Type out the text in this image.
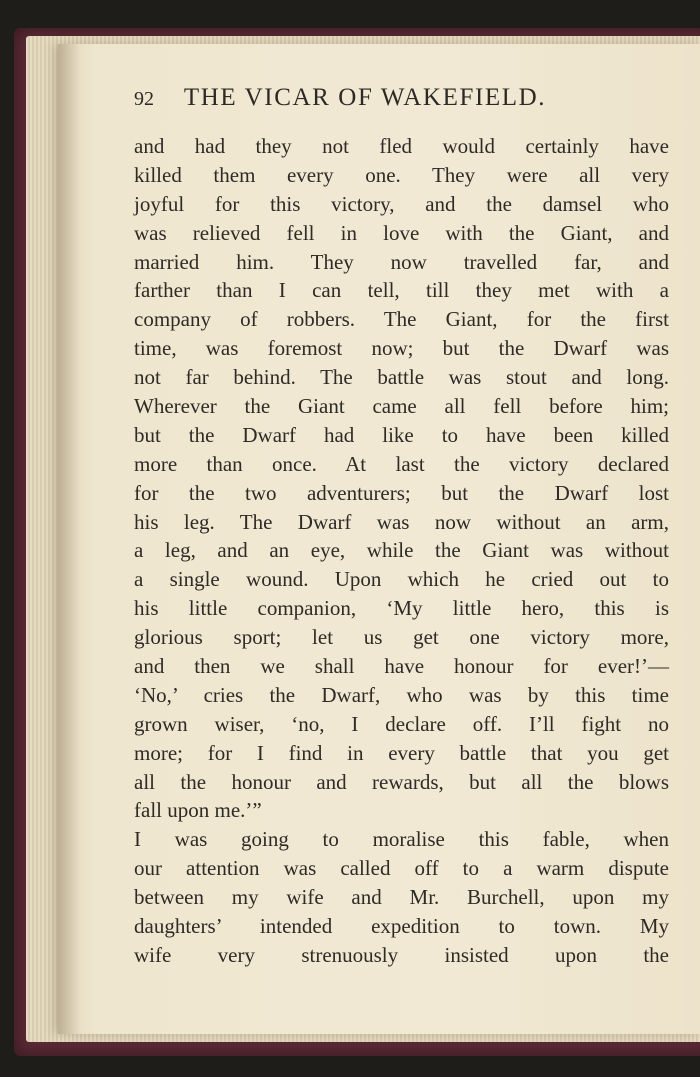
92 THE VICAR OF WAKEFIELD.
and had they not fled would certainly have
killed them every one. They were all very
joyful for this victory, and the damsel who
was relieved fell in love with the Giant, and
married him. They now travelled far, and
farther than I can tell, till they met with a
company of robbers. The Giant, for the first
time, was foremost now; but the Dwarf was
not far behind. The battle was stout and long.
Wherever the Giant came all fell before him;
but the Dwarf had like to have been killed
more than once. At last the victory declared
for the two adventurers; but the Dwarf lost
his leg. The Dwarf was now without an arm,
a leg, and an eye, while the Giant was without
a single wound. Upon which he cried out to
his little companion, ‘My little hero, this is
glorious sport; let us get one victory more,
and then we shall have honour for ever!’—
‘No,’ cries the Dwarf, who was by this time
grown wiser, ‘no, I declare off. I’ll fight no
more; for I find in every battle that you get
all the honour and rewards, but all the blows
fall upon me.’”
I was going to moralise this fable, when
our attention was called off to a warm dispute
between my wife and Mr. Burchell, upon my
daughters’ intended expedition to town. My
wife very strenuously insisted upon the
